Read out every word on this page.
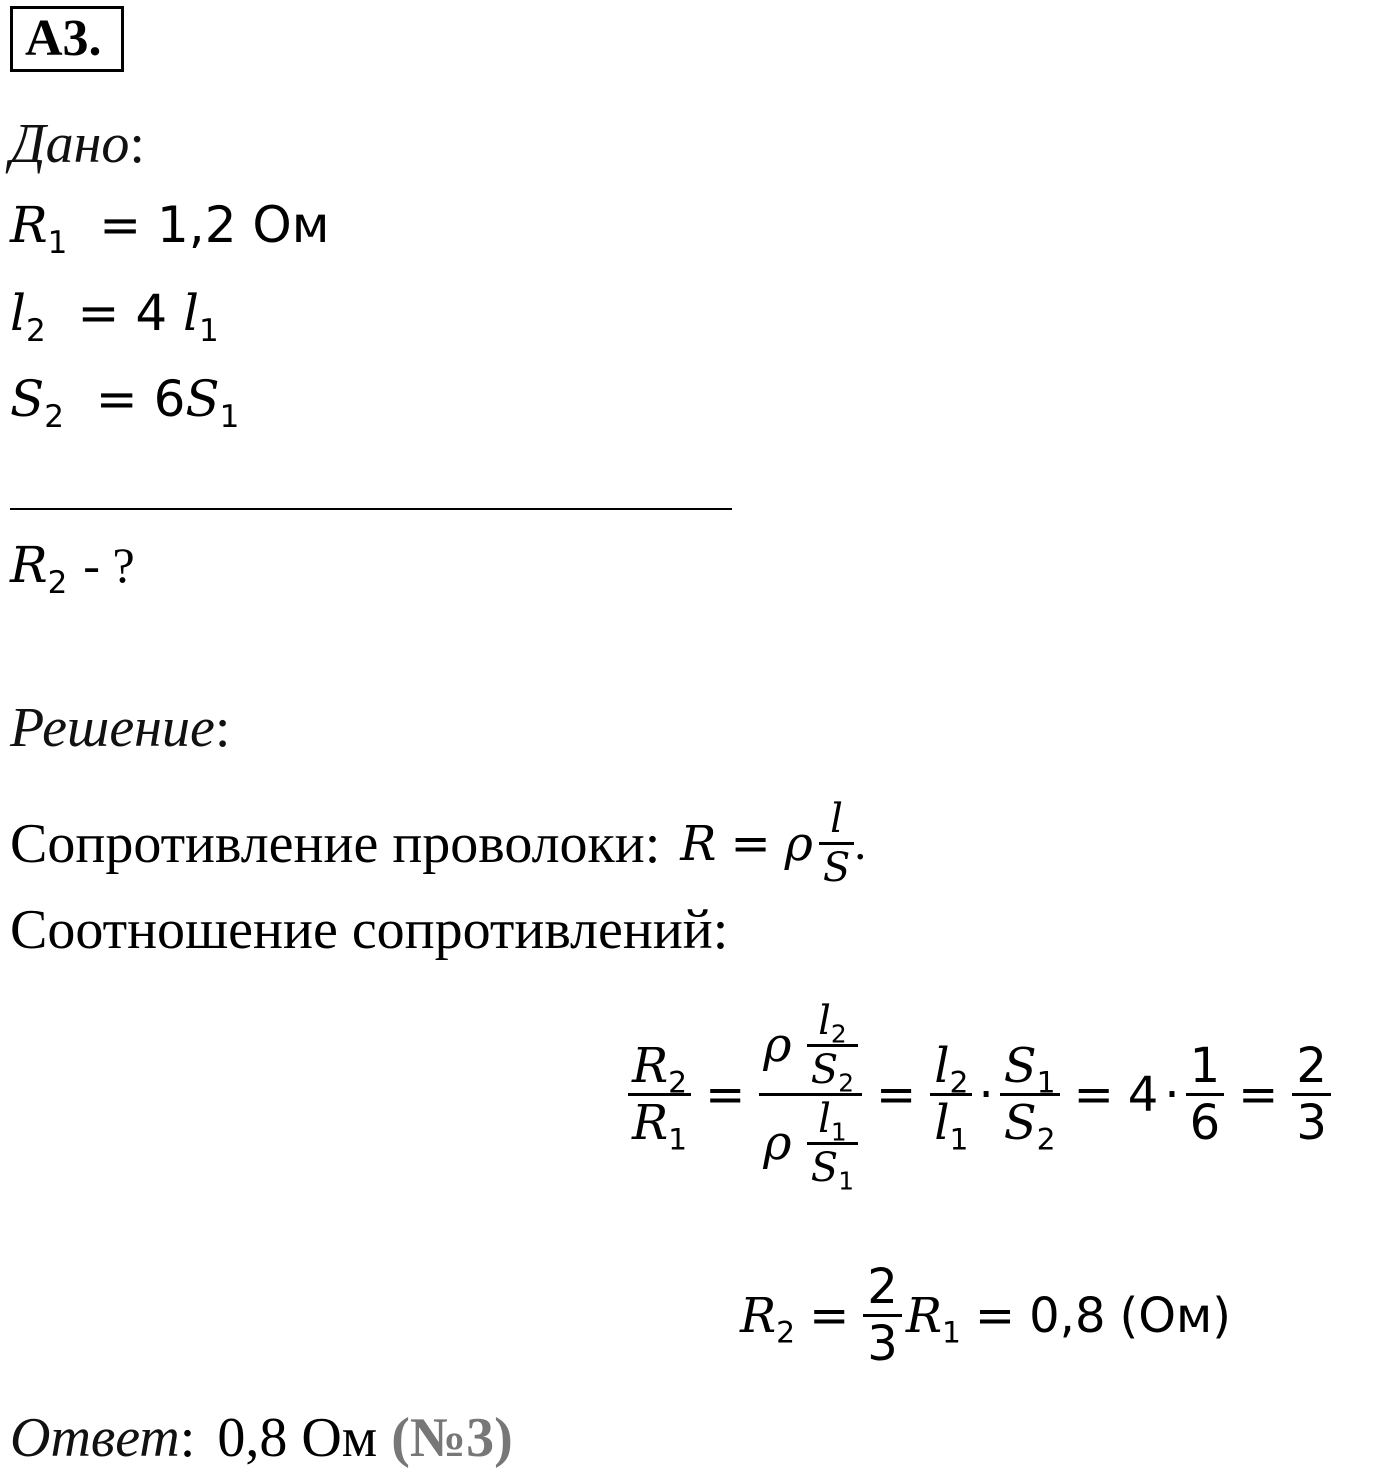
А3.
Дано:
$R_1 = 1,2$ Ом
$l_2 = 4$ $l_1$
$S_2 = 6S_1$
$R_2$ - ?
Решение:
Сопротивление проволоки: R = ρ $\frac{l}{S}$ .
Соотношение сопротивлений:
$\frac{R_2}{R_1} = \frac{\rho \frac{l_2}{S_2}}{\rho \frac{l_1}{S_1}} = \frac{l_2}{l_1} \cdot \frac{S_1}{S_2} = 4 \cdot \frac{1}{6} = \frac{2}{3}$
$R_2 = \frac{2}{3} R_1 = 0,8$ (Ом)
Ответ: 0,8 Ом (№3)
